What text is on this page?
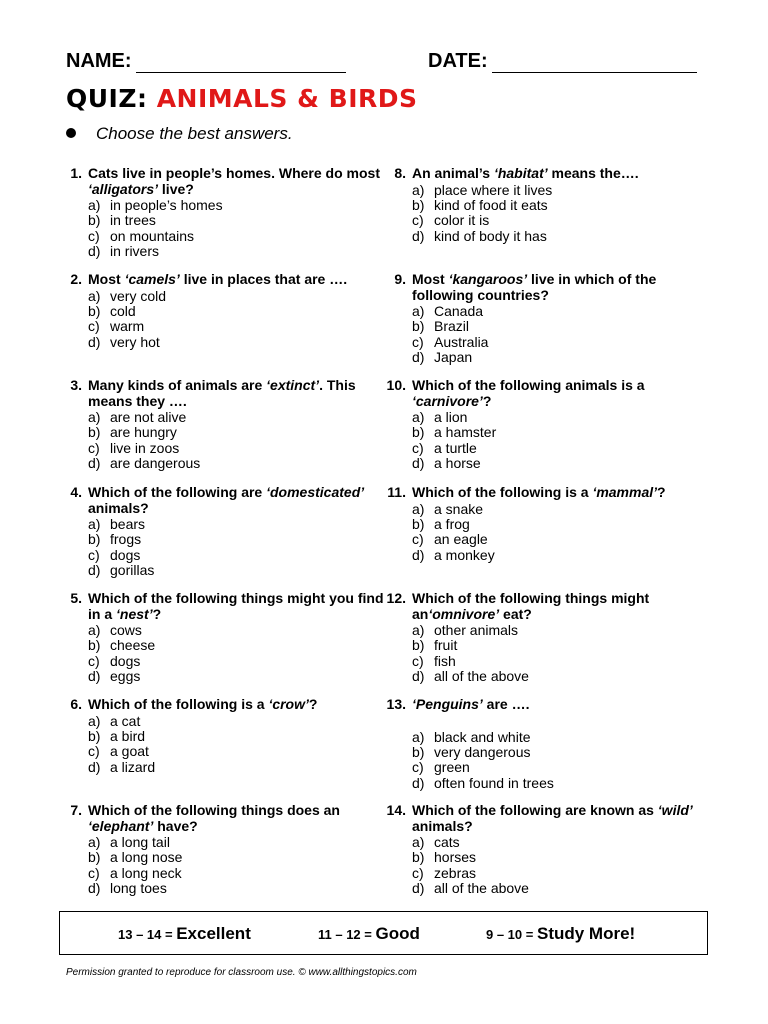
NAME:	DATE:
QUIZ: ANIMALS & BIRDS
Choose the best answers.
1. Cats live in people’s homes. Where do most ‘alligators’ live?
a) in people’s homes
b) in trees
c) on mountains
d) in rivers
2. Most ‘camels’ live in places that are ….
a) very cold
b) cold
c) warm
d) very hot
3. Many kinds of animals are ‘extinct’. This means they ….
a) are not alive
b) are hungry
c) live in zoos
d) are dangerous
4. Which of the following are ‘domesticated’ animals?
a) bears
b) frogs
c) dogs
d) gorillas
5. Which of the following things might you find in a ‘nest’?
a) cows
b) cheese
c) dogs
d) eggs
6. Which of the following is a ‘crow’?
a) a cat
b) a bird
c) a goat
d) a lizard
7. Which of the following things does an ‘elephant’ have?
a) a long tail
b) a long nose
c) a long neck
d) long toes
8. An animal’s ‘habitat’ means the….
a) place where it lives
b) kind of food it eats
c) color it is
d) kind of body it has
9. Most ‘kangaroos’ live in which of the following countries?
a) Canada
b) Brazil
c) Australia
d) Japan
10. Which of the following animals is a ‘carnivore’?
a) a lion
b) a hamster
c) a turtle
d) a horse
11. Which of the following is a ‘mammal’?
a) a snake
b) a frog
c) an eagle
d) a monkey
12. Which of the following things might an‘omnivore’ eat?
a) other animals
b) fruit
c) fish
d) all of the above
13. ‘Penguins’ are ….
a) black and white
b) very dangerous
c) green
d) often found in trees
14. Which of the following are known as ‘wild’ animals?
a) cats
b) horses
c) zebras
d) all of the above
13 – 14 = Excellent	11 – 12 = Good	9 – 10 = Study More!
Permission granted to reproduce for classroom use. © www.allthingstopics.com
